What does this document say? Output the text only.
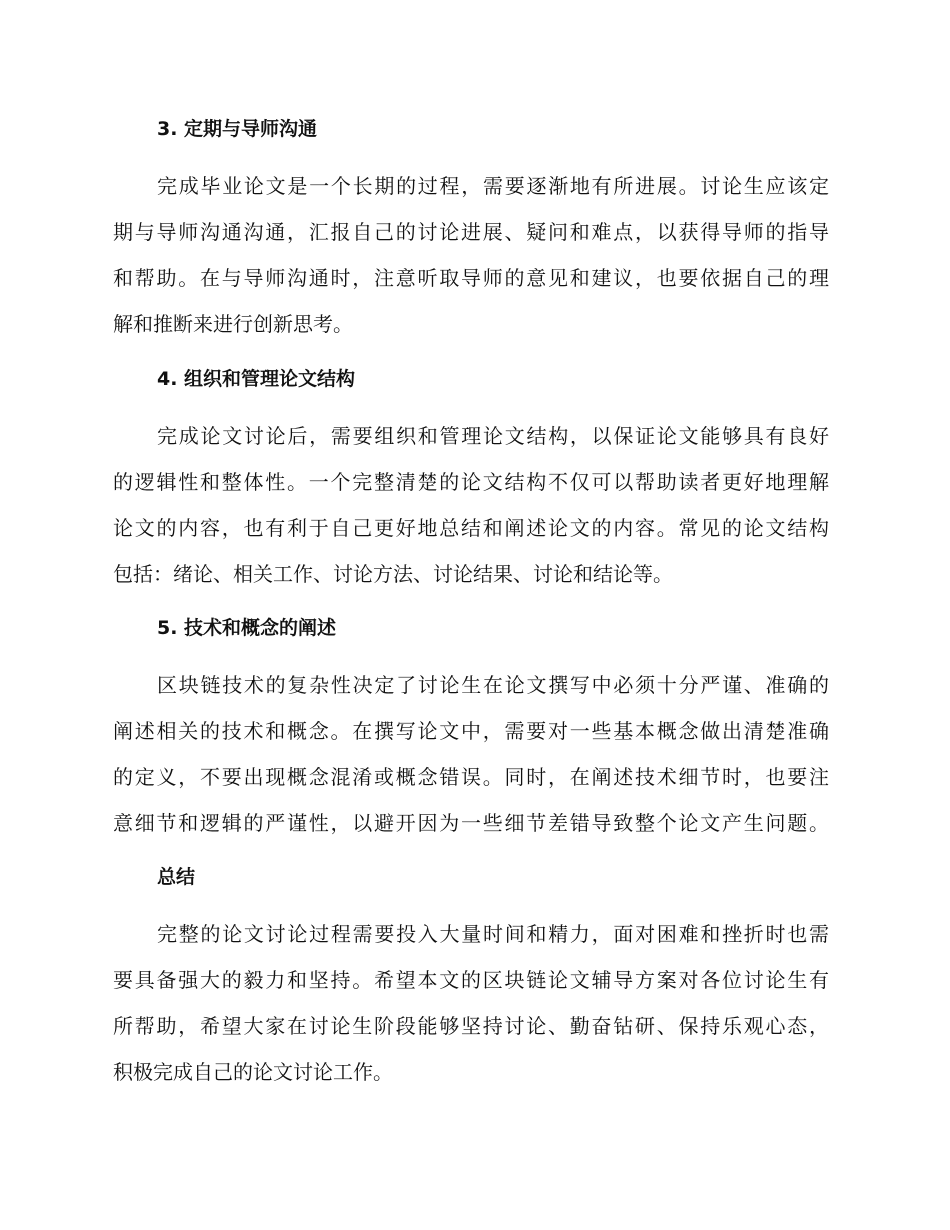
3. 定期与导师沟通
完成毕业论文是一个长期的过程，需要逐渐地有所进展。讨论生应该定
期与导师沟通沟通，汇报自己的讨论进展、疑问和难点，以获得导师的指导
和帮助。在与导师沟通时，注意听取导师的意见和建议，也要依据自己的理
解和推断来进行创新思考。
4. 组织和管理论文结构
完成论文讨论后，需要组织和管理论文结构，以保证论文能够具有良好
的逻辑性和整体性。一个完整清楚的论文结构不仅可以帮助读者更好地理解
论文的内容，也有利于自己更好地总结和阐述论文的内容。常见的论文结构
包括：绪论、相关工作、讨论方法、讨论结果、讨论和结论等。
5. 技术和概念的阐述
区块链技术的复杂性决定了讨论生在论文撰写中必须十分严谨、准确的
阐述相关的技术和概念。在撰写论文中，需要对一些基本概念做出清楚准确
的定义，不要出现概念混淆或概念错误。同时，在阐述技术细节时，也要注
意细节和逻辑的严谨性，以避开因为一些细节差错导致整个论文产生问题。
总结
完整的论文讨论过程需要投入大量时间和精力，面对困难和挫折时也需
要具备强大的毅力和坚持。希望本文的区块链论文辅导方案对各位讨论生有
所帮助，希望大家在讨论生阶段能够坚持讨论、勤奋钻研、保持乐观心态，
积极完成自己的论文讨论工作。
